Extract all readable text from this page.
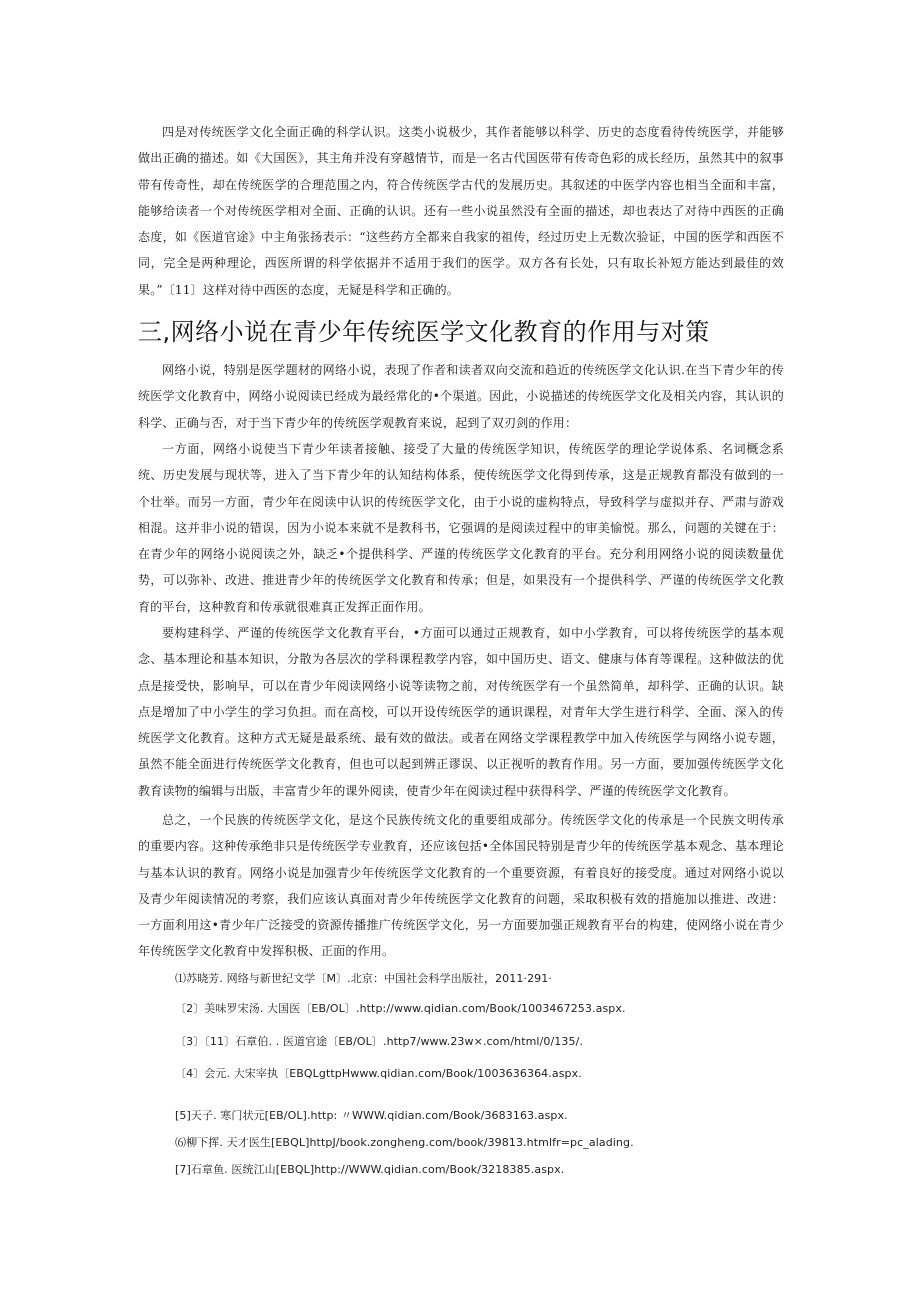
四是对传统医学文化全面正确的科学认识。这类小说极少，其作者能够以科学、历史的态度看待传统医学，并能够做出正确的描述。如《大国医》，其主角并没有穿越情节，而是一名古代国医带有传奇色彩的成长经历，虽然其中的叙事带有传奇性，却在传统医学的合理范围之内，符合传统医学古代的发展历史。其叙述的中医学内容也相当全面和丰富，能够给读者一个对传统医学相对全面、正确的认识。还有一些小说虽然没有全面的描述，却也表达了对待中西医的正确态度，如《医道官途》中主角张扬表示：“这些药方全都来自我家的祖传，经过历史上无数次验证，中国的医学和西医不同，完全是两种理论，西医所谓的科学依据并不适用于我们的医学。双方各有长处，只有取长补短方能达到最佳的效果。”〔11〕这样对待中西医的态度，无疑是科学和正确的。

三,网络小说在青少年传统医学文化教育的作用与对策

网络小说，特别是医学题材的网络小说，表现了作者和读者双向交流和趋近的传统医学文化认识.在当下青少年的传统医学文化教育中，网络小说阅读已经成为最经常化的•个渠道。因此，小说描述的传统医学文化及相关内容，其认识的科学、正确与否，对于当下青少年的传统医学观教育来说，起到了双刃剑的作用：

一方面，网络小说使当下青少年读者接触、接受了大量的传统医学知识，传统医学的理论学说体系、名词概念系统、历史发展与现状等，进入了当下青少年的认知结构体系，使传统医学文化得到传承，这是正规教育都没有做到的一个壮举。而另一方面，青少年在阅读中认识的传统医学文化，由于小说的虚构特点，导致科学与虚拟并存、严肃与游戏相混。这并非小说的错误，因为小说本来就不是教科书，它强调的是阅读过程中的审美愉悦。那么，问题的关键在于：在青少年的网络小说阅读之外，缺乏•个提供科学、严谨的传统医学文化教育的平台。充分利用网络小说的阅读数量优势，可以弥补、改进、推进青少年的传统医学文化教育和传承；但是，如果没有一个提供科学、严谨的传统医学文化教育的平台，这种教育和传承就很难真正发挥正面作用。

要构建科学、严谨的传统医学文化教育平台，•方面可以通过正规教育，如中小学教育，可以将传统医学的基本观念、基本理论和基本知识，分散为各层次的学科课程教学内容，如中国历史、语文、健康与体育等课程。这种做法的优点是接受快，影响早，可以在青少年阅读网络小说等读物之前，对传统医学有一个虽然简单，却科学、正确的认识。缺点是增加了中小学生的学习负担。而在高校，可以开设传统医学的通识课程，对青年大学生进行科学、全面、深入的传统医学文化教育。这种方式无疑是最系统、最有效的做法。或者在网络文学课程教学中加入传统医学与网络小说专题，虽然不能全面进行传统医学文化教育，但也可以起到辨正谬误、以正视听的教育作用。另一方面，要加强传统医学文化教育读物的编辑与出版，丰富青少年的课外阅读，使青少年在阅读过程中获得科学、严谨的传统医学文化教育。

总之，一个民族的传统医学文化，是这个民族传统文化的重要组成部分。传统医学文化的传承是一个民族文明传承的重要内容。这种传承绝非只是传统医学专业教育，还应该包括•全体国民特别是青少年的传统医学基本观念、基本理论与基本认识的教育。网络小说是加强青少年传统医学文化教育的一个重要资源，有着良好的接受度。通过对网络小说以及青少年阅读情况的考察，我们应该认真面对青少年传统医学文化教育的问题，采取积极有效的措施加以推进、改进：一方面利用这•青少年广泛接受的资源传播推广传统医学文化，另一方面要加强正规教育平台的构建，使网络小说在青少年传统医学文化教育中发挥积极、正面的作用。

⑴苏晓芳. 网络与新世纪文学〔M〕.北京：中国社会科学出版社，2011·291·

〔2〕美味罗宋汤. 大国医〔EB/OL〕.http://www.qidian.com/Book/1003467253.aspx.

〔3〕〔11〕石章伯. . 医道官途〔EB/OL〕.http7/www.23w×.com/html/0/135/.

〔4〕会元. 大宋宰执〔EBQLgttpHwww.qidian.com/Book/1003636364.aspx.

[5]天子. 寒门状元[EB/OL].http: 〃WWW.qidian.com/Book/3683163.aspx.

⑹柳下挥. 天才医生[EBQL]httpJ/book.zongheng.com/book/39813.htmlfr=pc_alading.

[7]石章鱼. 医统江山[EBQL]http://WWW.qidian.com/Book/3218385.aspx.
